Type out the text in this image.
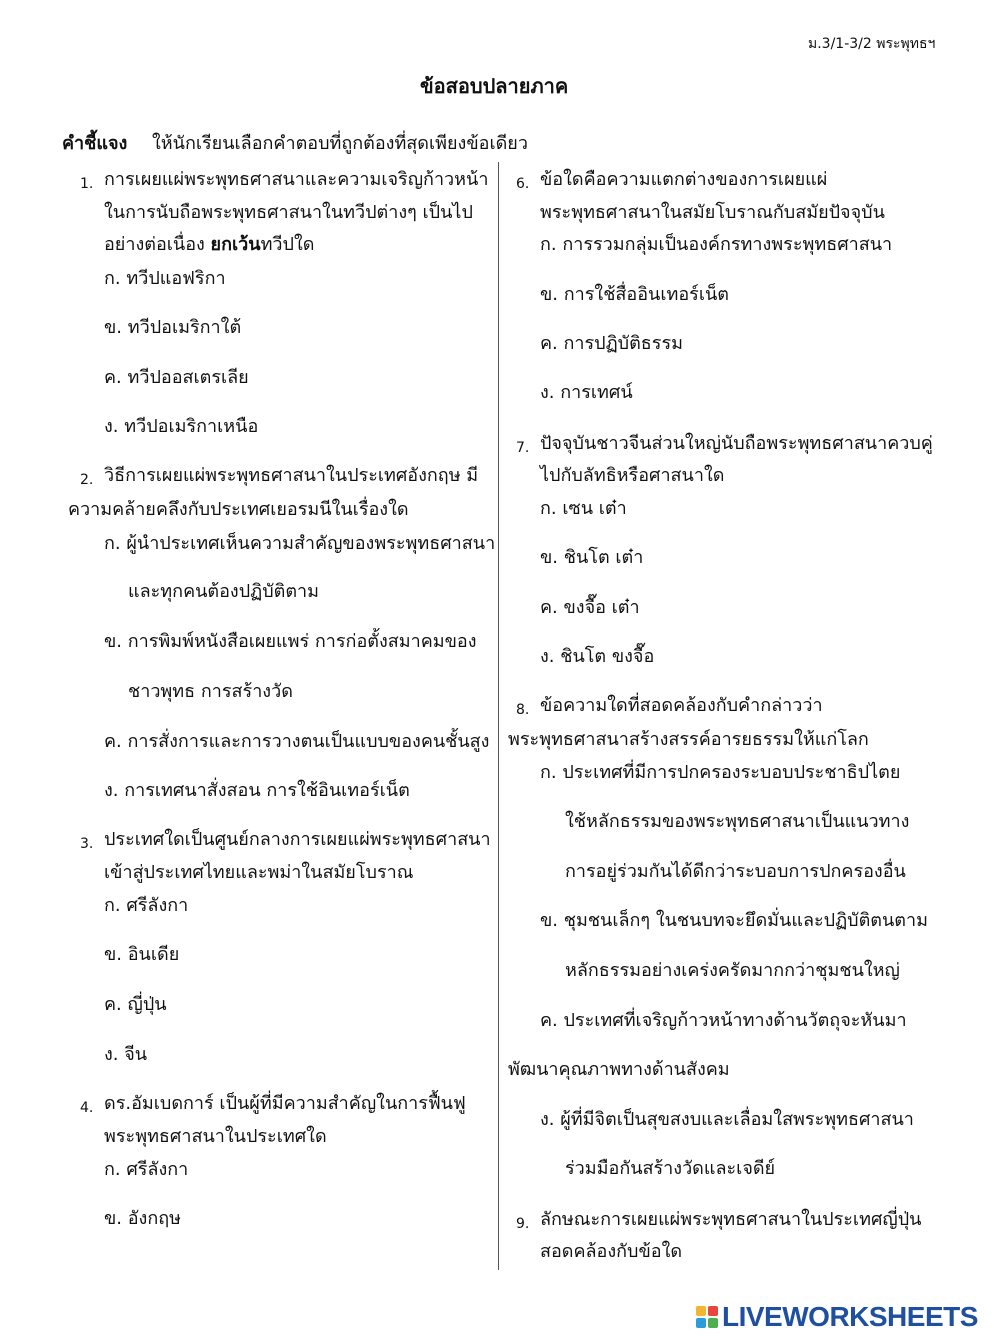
ม.3/1-3/2 พระพุทธฯ
ข้อสอบปลายภาค
คำชี้แจง ให้นักเรียนเลือกคำตอบที่ถูกต้องที่สุดเพียงข้อเดียว
1. การเผยแผ่พระพุทธศาสนาและความเจริญก้าวหน้า
ในการนับถือพระพุทธศาสนาในทวีปต่างๆ เป็นไป
อย่างต่อเนื่อง ยกเว้นทวีปใด
ก. ทวีปแอฟริกา
ข. ทวีปอเมริกาใต้
ค. ทวีปออสเตรเลีย
ง. ทวีปอเมริกาเหนือ
2. วิธีการเผยแผ่พระพุทธศาสนาในประเทศอังกฤษ มี
ความคล้ายคลึงกับประเทศเยอรมนีในเรื่องใด
ก. ผู้นำประเทศเห็นความสำคัญของพระพุทธศาสนา
และทุกคนต้องปฏิบัติตาม
ข. การพิมพ์หนังสือเผยแพร่ การก่อตั้งสมาคมของ
ชาวพุทธ การสร้างวัด
ค. การสั่งการและการวางตนเป็นแบบของคนชั้นสูง
ง. การเทศนาสั่งสอน การใช้อินเทอร์เน็ต
3. ประเทศใดเป็นศูนย์กลางการเผยแผ่พระพุทธศาสนา
เข้าสู่ประเทศไทยและพม่าในสมัยโบราณ
ก. ศรีลังกา
ข. อินเดีย
ค. ญี่ปุ่น
ง. จีน
4. ดร.อัมเบดการ์ เป็นผู้ที่มีความสำคัญในการฟื้นฟู
พระพุทธศาสนาในประเทศใด
ก. ศรีลังกา
ข. อังกฤษ
6. ข้อใดคือความแตกต่างของการเผยแผ่
พระพุทธศาสนาในสมัยโบราณกับสมัยปัจจุบัน
ก. การรวมกลุ่มเป็นองค์กรทางพระพุทธศาสนา
ข. การใช้สื่ออินเทอร์เน็ต
ค. การปฏิบัติธรรม
ง. การเทศน์
7. ปัจจุบันชาวจีนส่วนใหญ่นับถือพระพุทธศาสนาควบคู่
ไปกับลัทธิหรือศาสนาใด
ก. เซน เต๋า
ข. ชินโต เต๋า
ค. ขงจื๊อ เต๋า
ง. ชินโต ขงจื๊อ
8. ข้อความใดที่สอดคล้องกับคำกล่าวว่า
พระพุทธศาสนาสร้างสรรค์อารยธรรมให้แก่โลก
ก. ประเทศที่มีการปกครองระบอบประชาธิปไตย
ใช้หลักธรรมของพระพุทธศาสนาเป็นแนวทาง
การอยู่ร่วมกันได้ดีกว่าระบอบการปกครองอื่น
ข. ชุมชนเล็กๆ ในชนบทจะยึดมั่นและปฏิบัติตนตาม
หลักธรรมอย่างเคร่งครัดมากกว่าชุมชนใหญ่
ค. ประเทศที่เจริญก้าวหน้าทางด้านวัตถุจะหันมา
พัฒนาคุณภาพทางด้านสังคม
ง. ผู้ที่มีจิตเป็นสุขสงบและเลื่อมใสพระพุทธศาสนา
ร่วมมือกันสร้างวัดและเจดีย์
9. ลักษณะการเผยแผ่พระพุทธศาสนาในประเทศญี่ปุ่น
สอดคล้องกับข้อใด
LIVEWORKSHEETS
